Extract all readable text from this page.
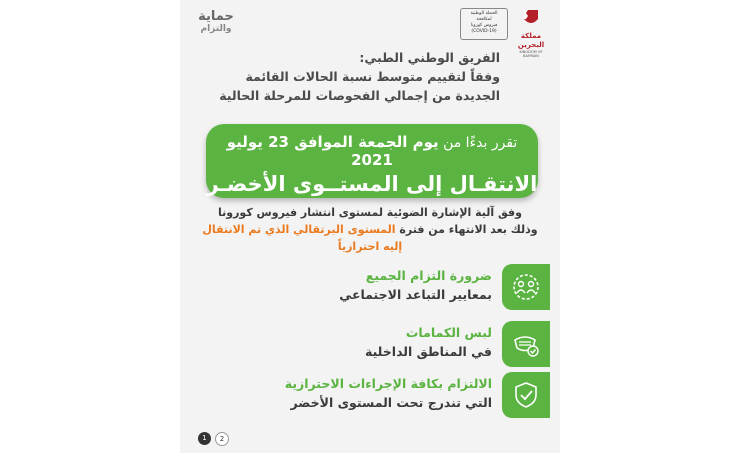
حماية
والتزام
الحملة الوطنية
لمكافحة
فيروس كورونا
(COVID-19)
مملكة البحرين
KINGDOM OF BAHRAIN
الفريق الوطني الطبي:
وفقاً لتقييم متوسط نسبة الحالات القائمة
الجديدة من إجمالي الفحوصات للمرحلة الحالية
تقرر بدءًا من يوم الجمعة الموافق 23 يوليو 2021
الانتقـال إلى المستــوى الأخضـر
وفق آلية الإشارة الضوئية لمستوى انتشار فيروس كورونا
وذلك بعد الانتهاء من فترة المستوى البرتقالي الذي تم الانتقال إليه احترازياً
ضرورة التزام الجميع
بمعايير التباعد الاجتماعي
لبس الكمامات
في المناطق الداخلية
الالتزام بكافة الإجراءات الاحترازية
التي تندرج تحت المستوى الأخضر
1	2
